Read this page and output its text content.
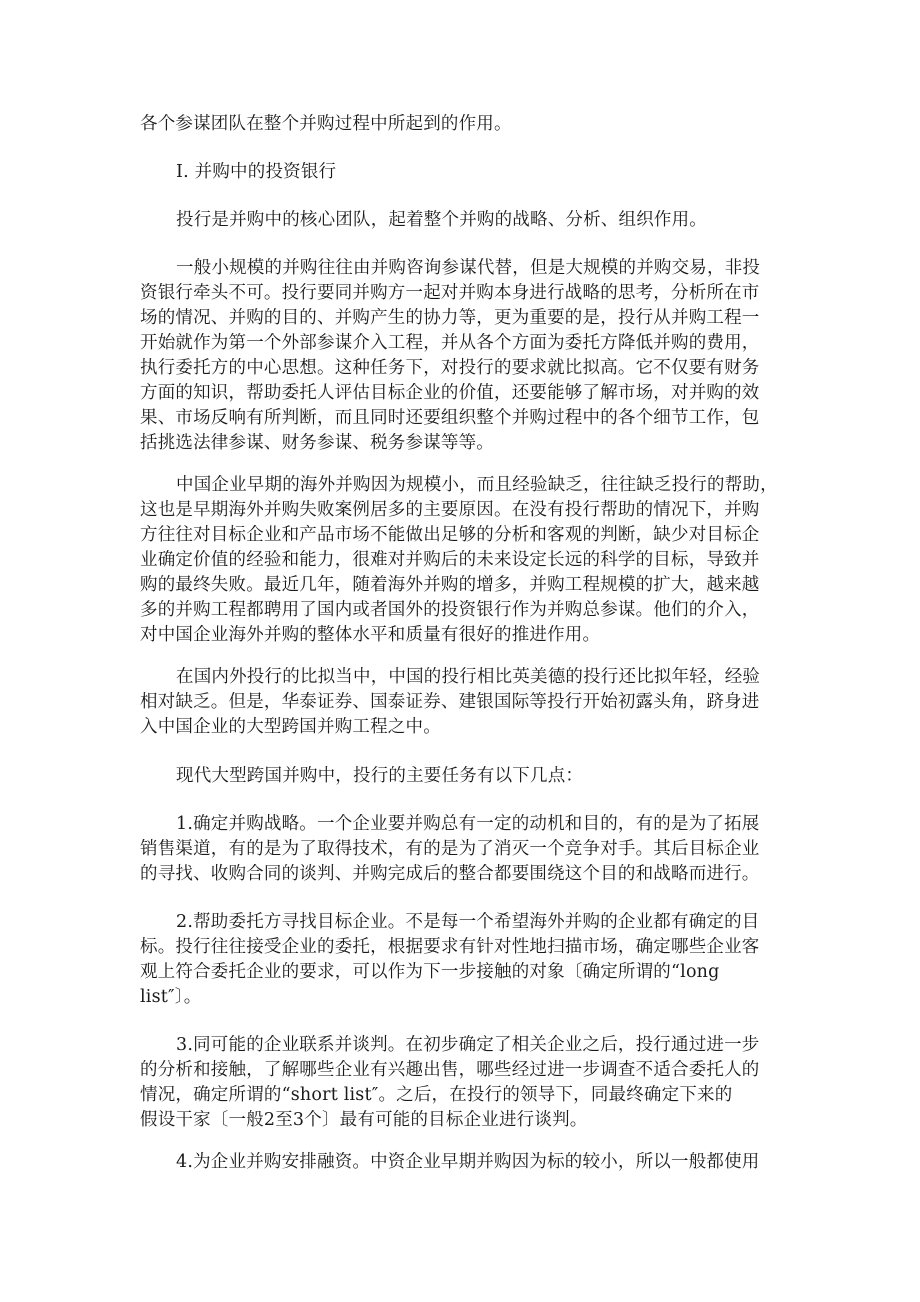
各个参谋团队在整个并购过程中所起到的作用。
I. 并购中的投资银行
投行是并购中的核心团队，起着整个并购的战略、分析、组织作用。
一般小规模的并购往往由并购咨询参谋代替，但是大规模的并购交易，非投
资银行牵头不可。投行要同并购方一起对并购本身进行战略的思考，分析所在市
场的情况、并购的目的、并购产生的协力等，更为重要的是，投行从并购工程一
开始就作为第一个外部参谋介入工程，并从各个方面为委托方降低并购的费用，
执行委托方的中心思想。这种任务下，对投行的要求就比拟高。它不仅要有财务
方面的知识，帮助委托人评估目标企业的价值，还要能够了解市场，对并购的效
果、市场反响有所判断，而且同时还要组织整个并购过程中的各个细节工作，包
括挑选法律参谋、财务参谋、税务参谋等等。
中国企业早期的海外并购因为规模小，而且经验缺乏，往往缺乏投行的帮助，
这也是早期海外并购失败案例居多的主要原因。在没有投行帮助的情况下，并购
方往往对目标企业和产品市场不能做出足够的分析和客观的判断，缺少对目标企
业确定价值的经验和能力，很难对并购后的未来设定长远的科学的目标，导致并
购的最终失败。最近几年，随着海外并购的增多，并购工程规模的扩大，越来越
多的并购工程都聘用了国内或者国外的投资银行作为并购总参谋。他们的介入，
对中国企业海外并购的整体水平和质量有很好的推进作用。
在国内外投行的比拟当中，中国的投行相比英美德的投行还比拟年轻，经验
相对缺乏。但是，华泰证券、国泰证券、建银国际等投行开始初露头角，跻身进
入中国企业的大型跨国并购工程之中。
现代大型跨国并购中，投行的主要任务有以下几点：
1.确定并购战略。一个企业要并购总有一定的动机和目的，有的是为了拓展
销售渠道，有的是为了取得技术，有的是为了消灭一个竞争对手。其后目标企业
的寻找、收购合同的谈判、并购完成后的整合都要围绕这个目的和战略而进行。
2.帮助委托方寻找目标企业。不是每一个希望海外并购的企业都有确定的目
标。投行往往接受企业的委托，根据要求有针对性地扫描市场，确定哪些企业客
观上符合委托企业的要求，可以作为下一步接触的对象〔确定所谓的“long
list″〕。
3.同可能的企业联系并谈判。在初步确定了相关企业之后，投行通过进一步
的分析和接触，了解哪些企业有兴趣出售，哪些经过进一步调查不适合委托人的
情况，确定所谓的“short list″。之后，在投行的领导下，同最终确定下来的
假设干家〔一般2至3个〕最有可能的目标企业进行谈判。
4.为企业并购安排融资。中资企业早期并购因为标的较小，所以一般都使用
